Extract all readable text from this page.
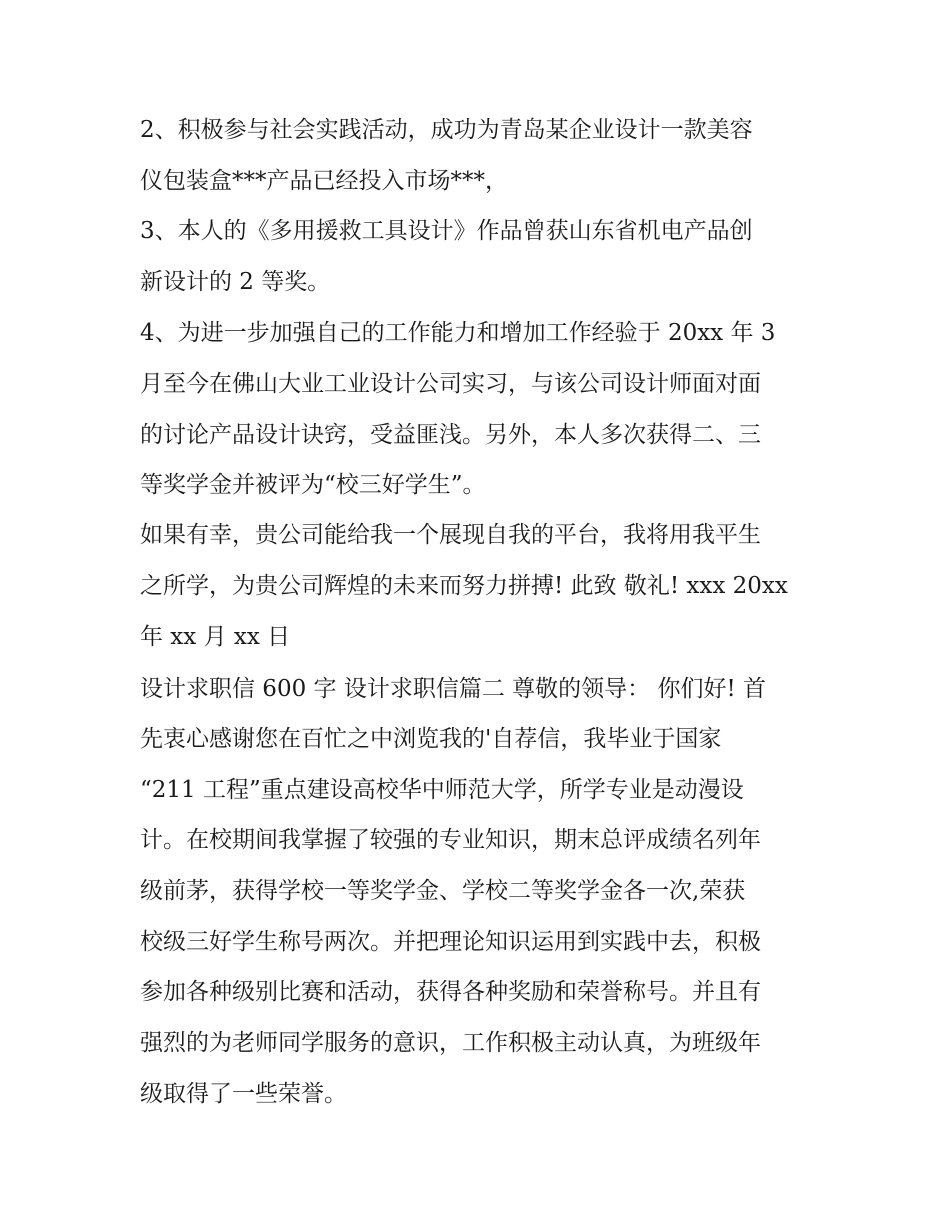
2、积极参与社会实践活动，成功为青岛某企业设计一款美容

仪包装盒***产品已经投入市场***，

3、本人的《多用援救工具设计》作品曾获山东省机电产品创

新设计的 2 等奖。

4、为进一步加强自己的工作能力和增加工作经验于 20xx 年 3

月至今在佛山大业工业设计公司实习，与该公司设计师面对面

的讨论产品设计诀窍，受益匪浅。另外，本人多次获得二、三

等奖学金并被评为“校三好学生”。

如果有幸，贵公司能给我一个展现自我的平台，我将用我平生

之所学，为贵公司辉煌的未来而努力拼搏! 此致 敬礼! xxx 20xx

年 xx 月 xx 日

设计求职信 600 字 设计求职信篇二 尊敬的领导： 你们好! 首

先衷心感谢您在百忙之中浏览我的'自荐信，我毕业于国家

“211 工程”重点建设高校华中师范大学，所学专业是动漫设

计。在校期间我掌握了较强的专业知识，期末总评成绩名列年

级前茅，获得学校一等奖学金、学校二等奖学金各一次,荣获

校级三好学生称号两次。并把理论知识运用到实践中去，积极

参加各种级别比赛和活动，获得各种奖励和荣誉称号。并且有

强烈的为老师同学服务的意识，工作积极主动认真，为班级年

级取得了一些荣誉。
